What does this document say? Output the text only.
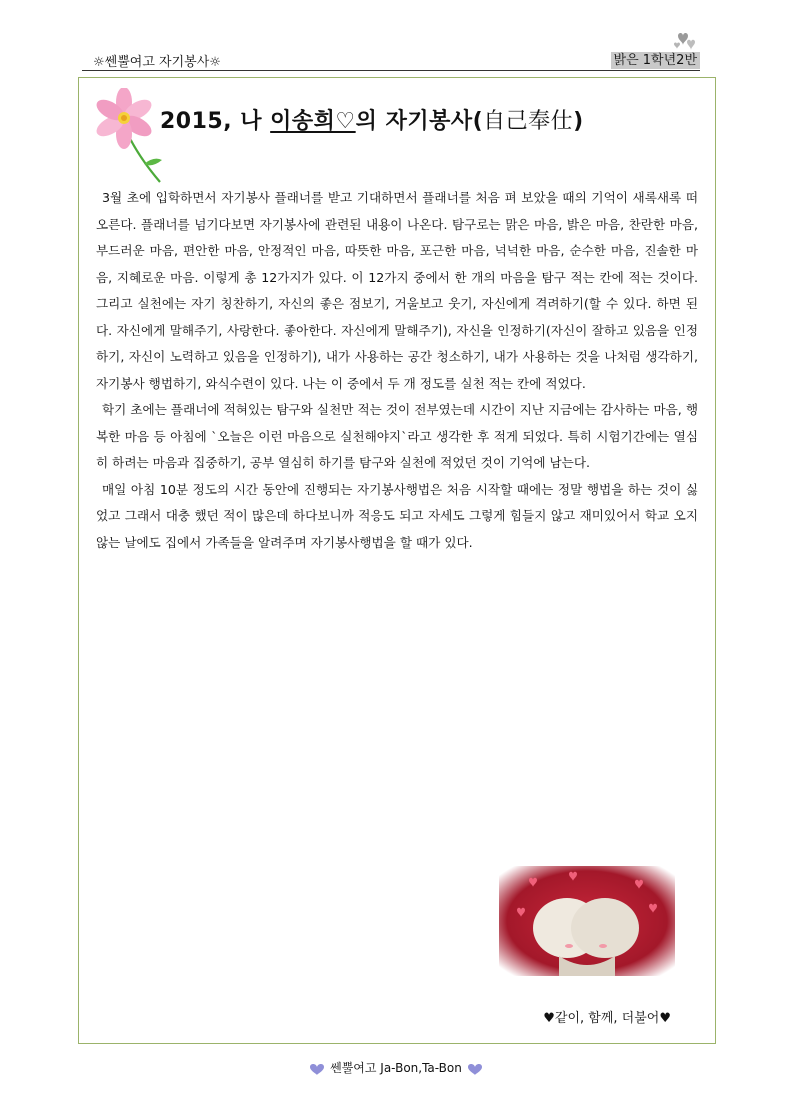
☼쎈뿔여고 자기봉사☼	밝은 1학년2반
2015, 나 이송희♡의 자기봉사(自己奉仕)

3월 초에 입학하면서 자기봉사 플래너를 받고 기대하면서 플래너를 처음 펴 보았을 때의 기억이 새록새록 떠오른다. 플래너를 넘기다보면 자기봉사에 관련된 내용이 나온다. 탐구로는 맑은 마음, 밝은 마음, 찬란한 마음, 부드러운 마음, 편안한 마음, 안정적인 마음, 따뜻한 마음, 포근한 마음, 넉넉한 마음, 순수한 마음, 진솔한 마음, 지혜로운 마음. 이렇게 총 12가지가 있다. 이 12가지 중에서 한 개의 마음을 탐구 적는 칸에 적는 것이다. 그리고 실천에는 자기 칭찬하기, 자신의 좋은 점보기, 거울보고 웃기, 자신에게 격려하기(할 수 있다. 하면 된다. 자신에게 말해주기, 사랑한다. 좋아한다. 자신에게 말해주기), 자신을 인정하기(자신이 잘하고 있음을 인정하기, 자신이 노력하고 있음을 인정하기), 내가 사용하는 공간 청소하기, 내가 사용하는 것을 나처럼 생각하기, 자기봉사 행법하기, 와식수련이 있다. 나는 이 중에서 두 개 정도를 실천 적는 칸에 적었다.

학기 초에는 플래너에 적혀있는 탐구와 실천만 적는 것이 전부였는데 시간이 지난 지금에는 감사하는 마음, 행복한 마음 등 아침에 `오늘은 이런 마음으로 실천해야지`라고 생각한 후 적게 되었다. 특히 시험기간에는 열심히 하려는 마음과 집중하기, 공부 열심히 하기를 탐구와 실천에 적었던 것이 기억에 남는다.

매일 아침 10분 정도의 시간 동안에 진행되는 자기봉사행법은 처음 시작할 때에는 정말 행법을 하는 것이 싫었고 그래서 대충 했던 적이 많은데 하다보니까 적응도 되고 자세도 그렇게 힘들지 않고 재미있어서 학교 오지 않는 날에도 집에서 가족들을 알려주며 자기봉사행법을 할 때가 있다.

♥같이, 함께, 더불어♥
쎈뿔여고 Ja-Bon,Ta-Bon
